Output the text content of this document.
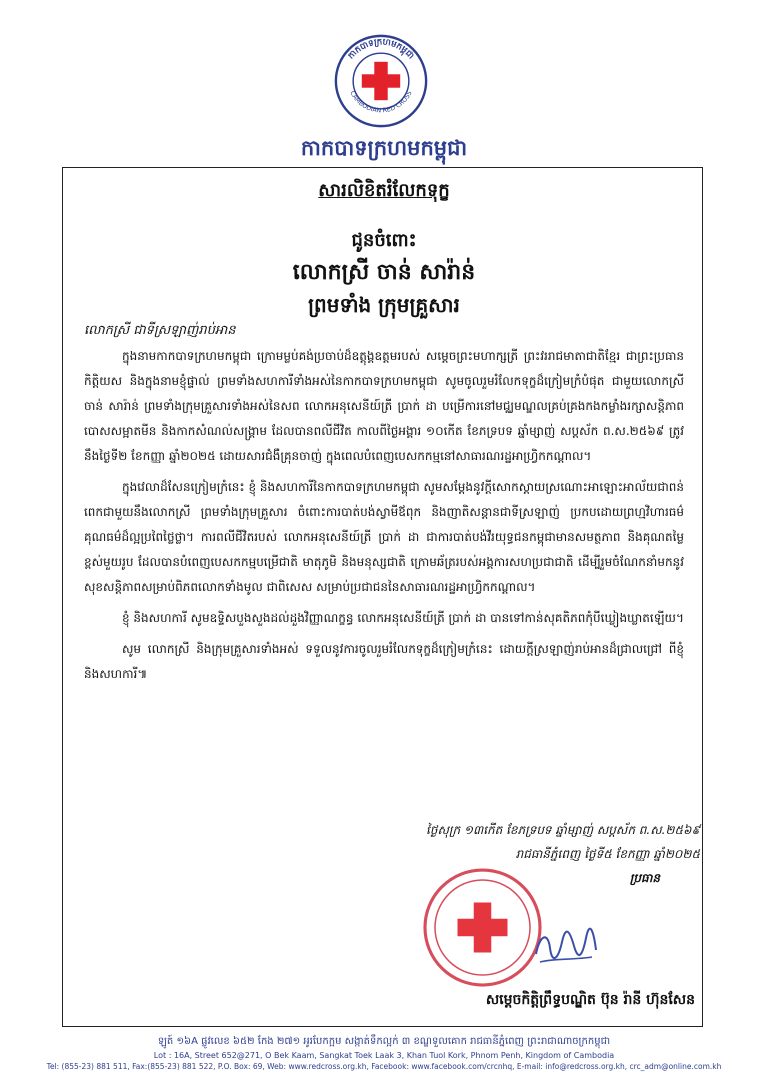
កាកបាទក្រហមកម្ពុជា
CAMBODIAN RED CROSS
កាកបាទក្រហមកម្ពុជា
សារលិខិតរំលែកទុក្ខ
ជូនចំពោះ
លោកស្រី ចាន់ សារ៉ាន់
ព្រមទាំង ក្រុមគ្រួសារ
លោកស្រី ជាទីស្រឡាញ់រាប់អាន

ក្នុងនាមកាកបាទក្រហមកម្ពុជា ក្រោមម្លប់គង់ប្រចាប់ដ៏ឧត្តុង្គឧត្តមរបស់ សម្តេចព្រះមហាក្សត្រី ព្រះវររាជមាតាជាតិខ្មែរ ជាព្រះប្រធានកិត្តិយស និងក្នុងនាមខ្ញុំផ្ទាល់ ព្រមទាំងសហការីទាំងអស់នៃកាកបាទក្រហមកម្ពុជា សូមចូលរួមរំលែកទុក្ខដ៏ក្រៀមក្រំបំផុត ជាមួយលោកស្រី ចាន់ សារ៉ាន់ ព្រមទាំងក្រុមគ្រួសារទាំងអស់នៃសព លោកអនុសេនីយ៍ត្រី ប្រាក់ ដា បម្រើការនៅមជ្ឈមណ្ឌលគ្រប់គ្រងកងកម្លាំងរក្សាសន្តិភាព បោសសម្អាតមីន និងកាកសំណល់សង្គ្រាម ដែលបានពលីជីវិត កាលពីថ្ងៃអង្គារ ១០កើត ខែភទ្របទ ឆ្នាំម្សាញ់ សប្តស័ក ព.ស.២៥៦៩ ត្រូវនឹងថ្ងៃទី២ ខែកញ្ញា ឆ្នាំ២០២៥ ដោយសារជំងឺគ្រុនចាញ់ ក្នុងពេលបំពេញបេសកកម្មនៅសាធារណរដ្ឋអាហ្វ្រិកកណ្តាល។

ក្នុងវេលាដ៏សែនក្រៀមក្រំនេះ ខ្ញុំ និងសហការីនៃកាកបាទក្រហមកម្ពុជា សូមសម្តែងនូវក្តីសោកស្តាយស្រណោះអាឡោះអាល័យជាពន់ពេកជាមួយនឹងលោកស្រី ព្រមទាំងក្រុមគ្រួសារ ចំពោះការបាត់បង់ស្វាមីឪពុក និងញាតិសន្តានជាទីស្រឡាញ់ ប្រកបដោយព្រហ្មវិហារធម៌ គុណធម៌ដ៏ល្អប្រពៃថ្លៃថ្លា។ ការពលីជីវិតរបស់ លោកអនុសេនីយ៍ត្រី ប្រាក់ ដា ជាការបាត់បង់វីរយុទ្ធជនកម្ពុជាមានសមត្ថភាព និងគុណតម្លៃខ្ពស់មួយរូប ដែលបានបំពេញបេសកកម្មបម្រើជាតិ មាតុភូមិ និងមនុស្សជាតិ ក្រោមឆ័ត្ររបស់អង្គការសហប្រជាជាតិ ដើម្បីរួមចំណែកនាំមកនូវសុខសន្តិភាពសម្រាប់ពិភពលោកទាំងមូល ជាពិសេស សម្រាប់ប្រជាជននៃសាធារណរដ្ឋអាហ្វ្រិកកណ្តាល។

ខ្ញុំ និងសហការី សូមឧទ្ទិសបួងសួងដល់ដួងវិញ្ញាណក្ខន្ធ លោកអនុសេនីយ៍ត្រី ប្រាក់ ដា បានទៅកាន់សុគតិភពកុំបីឃ្លៀងឃ្លាតឡើយ។

សូម លោកស្រី និងក្រុមគ្រួសារទាំងអស់ ទទួលនូវការចូលរួមរំលែកទុក្ខដ៏ក្រៀមក្រំនេះ ដោយក្តីស្រឡាញ់រាប់អានដ៏ជ្រាលជ្រៅ ពីខ្ញុំ និងសហការី៕

ថ្ងៃសុក្រ ១៣កើត ខែភទ្របទ ឆ្នាំម្សាញ់ សប្តស័ក ព.ស.២៥៦៩
រាជធានីភ្នំពេញ ថ្ងៃទី៥ ខែកញ្ញា ឆ្នាំ២០២៥
ប្រធាន
សម្តេចកិត្តិព្រឹទ្ធបណ្ឌិត ប៊ុន រ៉ានី ហ៊ុនសែន
ឡូត៍ ១៦A ផ្លូវលេខ ៦៥២ កែង ២៧១ អូរបែកក្អម សង្កាត់ទឹកល្អក់ ៣ ខណ្ឌទួលគោក រាជធានីភ្នំពេញ ព្រះរាជាណាចក្រកម្ពុជា
Lot : 16A, Street 652@271, O Bek Kaam, Sangkat Toek Laak 3, Khan Tuol Kork, Phnom Penh, Kingdom of Cambodia
Tel: (855-23) 881 511, Fax:(855-23) 881 522, P.O. Box: 69, Web: www.redcross.org.kh, Facebook: www.facebook.com/crcnhq, E-mail: info@redcross.org.kh, crc_adm@online.com.kh
